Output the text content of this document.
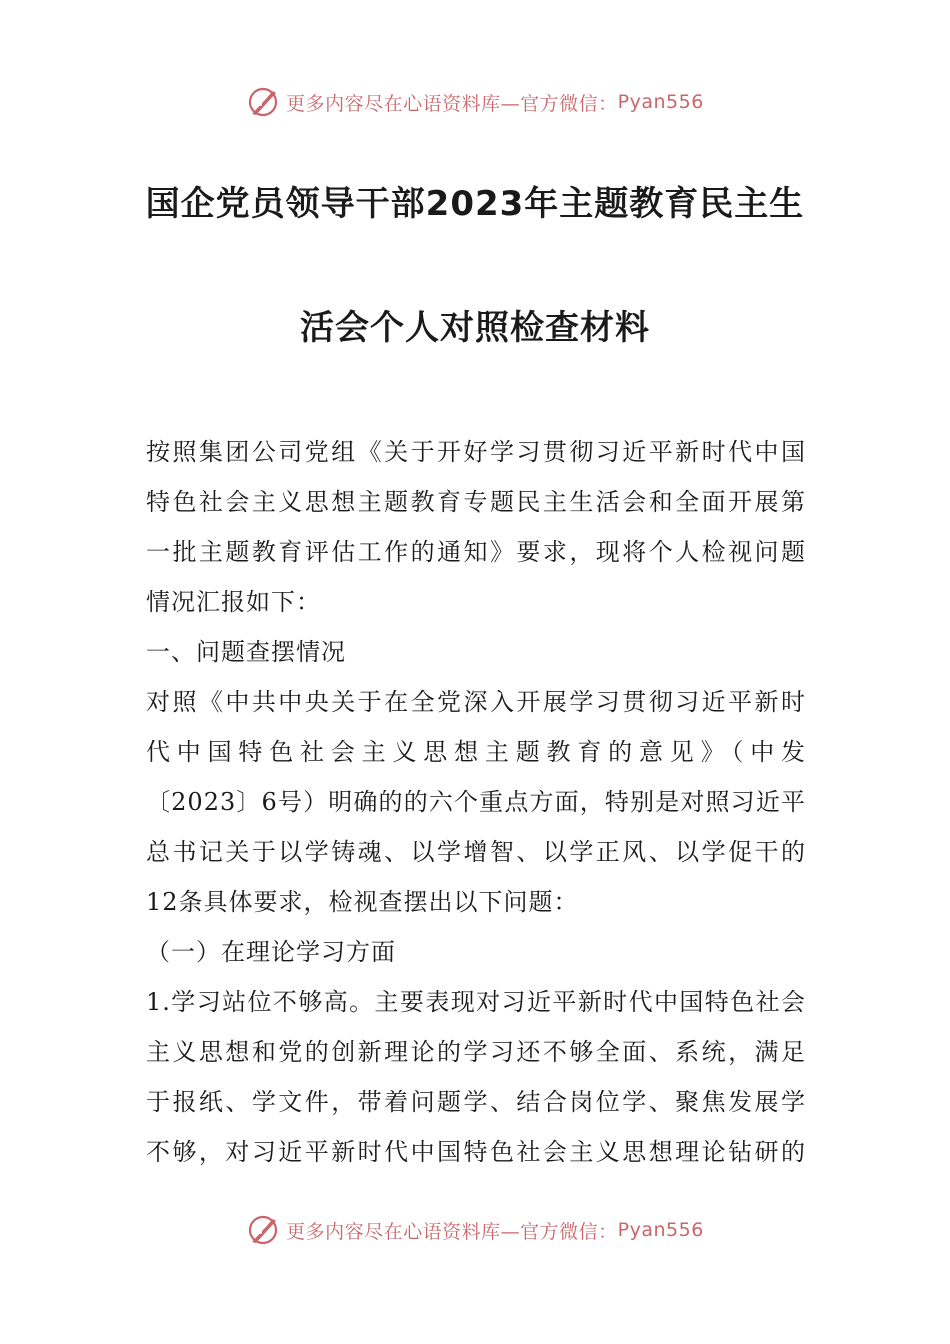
更多内容尽在心语资料库—官方微信： Pyan556
国企党员领导干部2023年主题教育民主生
活会个人对照检查材料
按照集团公司党组《关于开好学习贯彻习近平新时代中国
特色社会主义思想主题教育专题民主生活会和全面开展第
一批主题教育评估工作的通知》要求，现将个人检视问题
情况汇报如下：
一、问题查摆情况
对照《中共中央关于在全党深入开展学习贯彻习近平新时
代中国特色社会主义思想主题教育的意见》（中发
〔2023〕6号）明确的的六个重点方面，特别是对照习近平
总书记关于以学铸魂、以学增智、以学正风、以学促干的
12条具体要求，检视查摆出以下问题：
（一）在理论学习方面
1.学习站位不够高。主要表现对习近平新时代中国特色社会
主义思想和党的创新理论的学习还不够全面、系统，满足
于报纸、学文件，带着问题学、结合岗位学、聚焦发展学
不够，对习近平新时代中国特色社会主义思想理论钻研的
更多内容尽在心语资料库—官方微信： Pyan556
